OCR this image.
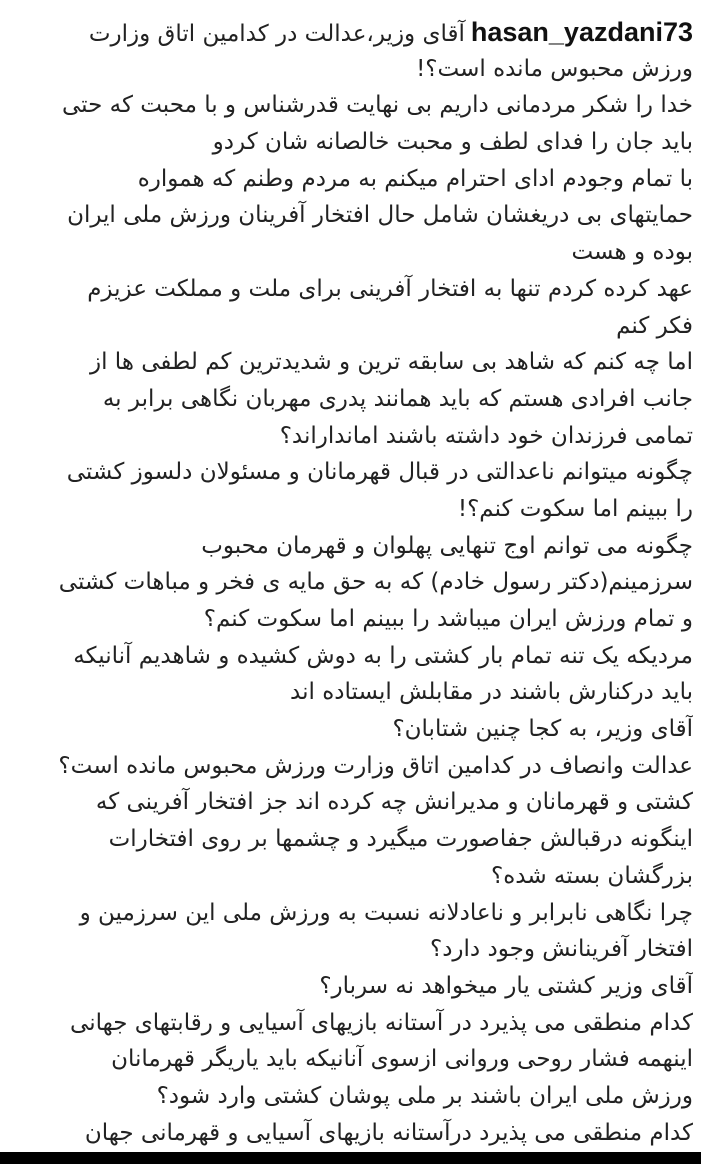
hasan_yazdani73آقای وزیر،عدالت در کدامین اتاق وزارت
ورزش محبوس مانده است؟!
خدا را شکر مردمانی داریم بی نهایت قدرشناس و با محبت که حتی
باید جان را فدای لطف و محبت خالصانه شان کردو
با تمام وجودم ادای احترام میکنم به مردم وطنم که همواره
حمایتهای بی دریغشان شامل حال افتخار آفرینان ورزش ملی ایران
بوده و هست
عهد کرده کردم تنها به افتخار آفرینی برای ملت و مملکت عزیزم
فکر کنم
اما چه کنم که شاهد بی سابقه ترین و شدیدترین کم لطفی ها از
جانب افرادی هستم که باید همانند پدری مهربان نگاهی برابر به
تمامی فرزندان خود داشته باشند امانداراند؟
چگونه میتوانم ناعدالتی در قبال قهرمانان و مسئولان دلسوز کشتی
را ببینم اما سکوت کنم؟!
چگونه می توانم اوج تنهایی پهلوان و قهرمان محبوب
سرزمینم(دکتر رسول خادم) که به حق مایه ی فخر و مباهات کشتی
و تمام ورزش ایران میباشد را ببینم اما سکوت کنم؟
مردیکه یک تنه تمام بار کشتی را به دوش کشیده و شاهدیم آنانیکه
باید درکنارش باشند در مقابلش ایستاده اند
آقای وزیر، به کجا چنین شتابان؟
عدالت وانصاف در کدامین اتاق وزارت ورزش محبوس مانده است؟
کشتی و قهرمانان و مدیرانش چه کرده اند جز افتخار آفرینی که
اینگونه درقبالش جفاصورت میگیرد و چشمها بر روی افتخارات
بزرگشان بسته شده؟
چرا نگاهی نابرابر و ناعادلانه نسبت به ورزش ملی این سرزمین و
افتخار آفرینانش وجود دارد؟
آقای وزیر کشتی یار میخواهد نه سربار؟
کدام منطقی می پذیرد در آستانه بازیهای آسیایی و رقابتهای جهانی
اینهمه فشار روحی وروانی ازسوی آنانیکه باید یاریگر قهرمانان
ورزش ملی ایران باشند بر ملی پوشان کشتی وارد شود؟
کدام منطقی می پذیرد درآستانه بازیهای آسیایی و قهرمانی جهان
